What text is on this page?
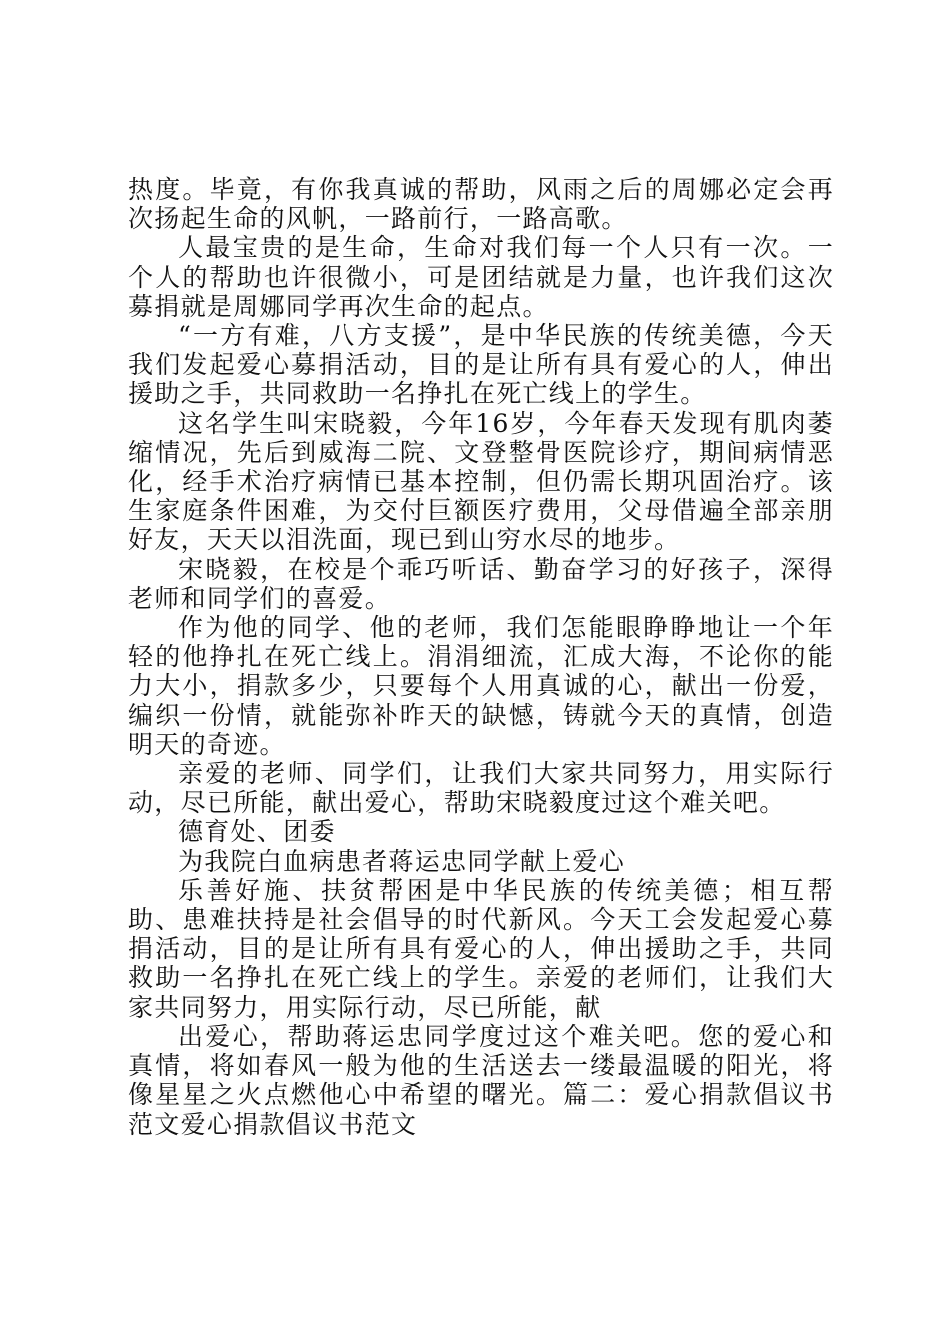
热度。毕竟，有你我真诚的帮助，风雨之后的周娜必定会再次扬起生命的风帆，一路前行，一路高歌。

人最宝贵的是生命，生命对我们每一个人只有一次。一个人的帮助也许很微小，可是团结就是力量，也许我们这次募捐就是周娜同学再次生命的起点。

“一方有难，八方支援”，是中华民族的传统美德，今天我们发起爱心募捐活动，目的是让所有具有爱心的人，伸出援助之手，共同救助一名挣扎在死亡线上的学生。

这名学生叫宋晓毅，今年16岁，今年春天发现有肌肉萎缩情况，先后到威海二院、文登整骨医院诊疗，期间病情恶化，经手术治疗病情已基本控制，但仍需长期巩固治疗。该生家庭条件困难，为交付巨额医疗费用，父母借遍全部亲朋好友，天天以泪洗面，现已到山穷水尽的地步。

宋晓毅，在校是个乖巧听话、勤奋学习的好孩子，深得老师和同学们的喜爱。

作为他的同学、他的老师，我们怎能眼睁睁地让一个年轻的他挣扎在死亡线上。涓涓细流，汇成大海，不论你的能力大小，捐款多少，只要每个人用真诚的心，献出一份爱，编织一份情，就能弥补昨天的缺憾，铸就今天的真情，创造明天的奇迹。

亲爱的老师、同学们，让我们大家共同努力，用实际行动，尽已所能，献出爱心，帮助宋晓毅度过这个难关吧。

德育处、团委

为我院白血病患者蒋运忠同学献上爱心

乐善好施、扶贫帮困是中华民族的传统美德；相互帮助、患难扶持是社会倡导的时代新风。今天工会发起爱心募捐活动，目的是让所有具有爱心的人，伸出援助之手，共同救助一名挣扎在死亡线上的学生。亲爱的老师们，让我们大家共同努力，用实际行动，尽已所能，献

出爱心，帮助蒋运忠同学度过这个难关吧。您的爱心和真情，将如春风一般为他的生活送去一缕最温暖的阳光，将像星星之火点燃他心中希望的曙光。篇二：爱心捐款倡议书范文爱心捐款倡议书范文
